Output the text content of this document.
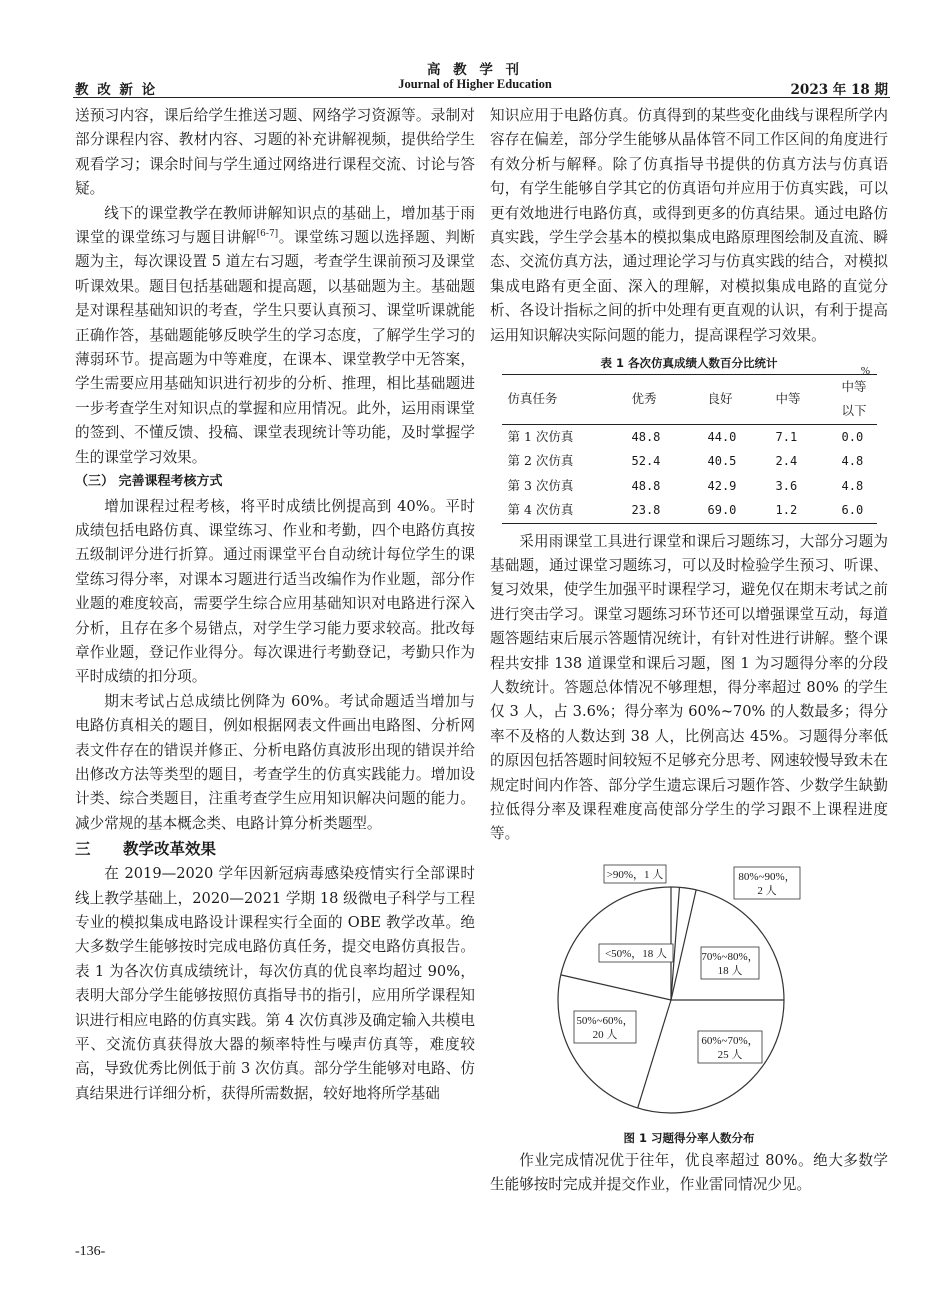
高 教 学 刊
教 改 新 论	Journal of Higher Education	2023 年 18 期

送预习内容，课后给学生推送习题、网络学习资源等。录制对部分课程内容、教材内容、习题的补充讲解视频，提供给学生观看学习；课余时间与学生通过网络进行课程交流、讨论与答疑。

线下的课堂教学在教师讲解知识点的基础上，增加基于雨课堂的课堂练习与题目讲解[6-7]。课堂练习题以选择题、判断题为主，每次课设置 5 道左右习题，考查学生课前预习及课堂听课效果。题目包括基础题和提高题，以基础题为主。基础题是对课程基础知识的考查，学生只要认真预习、课堂听课就能正确作答，基础题能够反映学生的学习态度，了解学生学习的薄弱环节。提高题为中等难度，在课本、课堂教学中无答案，学生需要应用基础知识进行初步的分析、推理，相比基础题进一步考查学生对知识点的掌握和应用情况。此外，运用雨课堂的签到、不懂反馈、投稿、课堂表现统计等功能，及时掌握学生的课堂学习效果。

（三） 完善课程考核方式

增加课程过程考核，将平时成绩比例提高到 40%。平时成绩包括电路仿真、课堂练习、作业和考勤，四个电路仿真按五级制评分进行折算。通过雨课堂平台自动统计每位学生的课堂练习得分率，对课本习题进行适当改编作为作业题，部分作业题的难度较高，需要学生综合应用基础知识对电路进行深入分析，且存在多个易错点，对学生学习能力要求较高。批改每章作业题，登记作业得分。每次课进行考勤登记，考勤只作为平时成绩的扣分项。

期末考试占总成绩比例降为 60%。考试命题适当增加与电路仿真相关的题目，例如根据网表文件画出电路图、分析网表文件存在的错误并修正、分析电路仿真波形出现的错误并给出修改方法等类型的题目，考查学生的仿真实践能力。增加设计类、综合类题目，注重考查学生应用知识解决问题的能力。减少常规的基本概念类、电路计算分析类题型。

三 教学改革效果

在 2019—2020 学年因新冠病毒感染疫情实行全部课时线上教学基础上，2020—2021 学期 18 级微电子科学与工程专业的模拟集成电路设计课程实行全面的 OBE 教学改革。绝大多数学生能够按时完成电路仿真任务，提交电路仿真报告。表 1 为各次仿真成绩统计，每次仿真的优良率均超过 90%，表明大部分学生能够按照仿真指导书的指引，应用所学课程知识进行相应电路的仿真实践。第 4 次仿真涉及确定输入共模电平、交流仿真获得放大器的频率特性与噪声仿真等，难度较高，导致优秀比例低于前 3 次仿真。部分学生能够对电路、仿真结果进行详细分析，获得所需数据，较好地将所学基础

知识应用于电路仿真。仿真得到的某些变化曲线与课程所学内容存在偏差，部分学生能够从晶体管不同工作区间的角度进行有效分析与解释。除了仿真指导书提供的仿真方法与仿真语句，有学生能够自学其它的仿真语句并应用于仿真实践，可以更有效地进行电路仿真，或得到更多的仿真结果。通过电路仿真实践，学生学会基本的模拟集成电路原理图绘制及直流、瞬态、交流仿真方法，通过理论学习与仿真实践的结合，对模拟集成电路有更全面、深入的理解，对模拟集成电路的直觉分析、各设计指标之间的折中处理有更直观的认识，有利于提高运用知识解决实际问题的能力，提高课程学习效果。

表 1 各次仿真成绩人数百分比统计
%
仿真任务	优秀	良好	中等	中等以下
第 1 次仿真	48.8	44.0	7.1	0.0
第 2 次仿真	52.4	40.5	2.4	4.8
第 3 次仿真	48.8	42.9	3.6	4.8
第 4 次仿真	23.8	69.0	1.2	6.0

采用雨课堂工具进行课堂和课后习题练习，大部分习题为基础题，通过课堂习题练习，可以及时检验学生预习、听课、复习效果，使学生加强平时课程学习，避免仅在期末考试之前进行突击学习。课堂习题练习环节还可以增强课堂互动，每道题答题结束后展示答题情况统计，有针对性进行讲解。整个课程共安排 138 道课堂和课后习题，图 1 为习题得分率的分段人数统计。答题总体情况不够理想，得分率超过 80% 的学生仅 3 人，占 3.6%；得分率为 60%~70% 的人数最多；得分率不及格的人数达到 38 人，比例高达 45%。习题得分率低的原因包括答题时间较短不足够充分思考、网速较慢导致未在规定时间内作答、部分学生遗忘课后习题作答、少数学生缺勤拉低得分率及课程难度高使部分学生的学习跟不上课程进度等。

>90%，1 人	80%~90%， 2 人
70%~80%， 18 人
60%~70%， 25 人
50%~60%， 20 人
<50%，18 人
图 1 习题得分率人数分布

作业完成情况优于往年，优良率超过 80%。绝大多数学生能够按时完成并提交作业，作业雷同情况少见。

-136-
